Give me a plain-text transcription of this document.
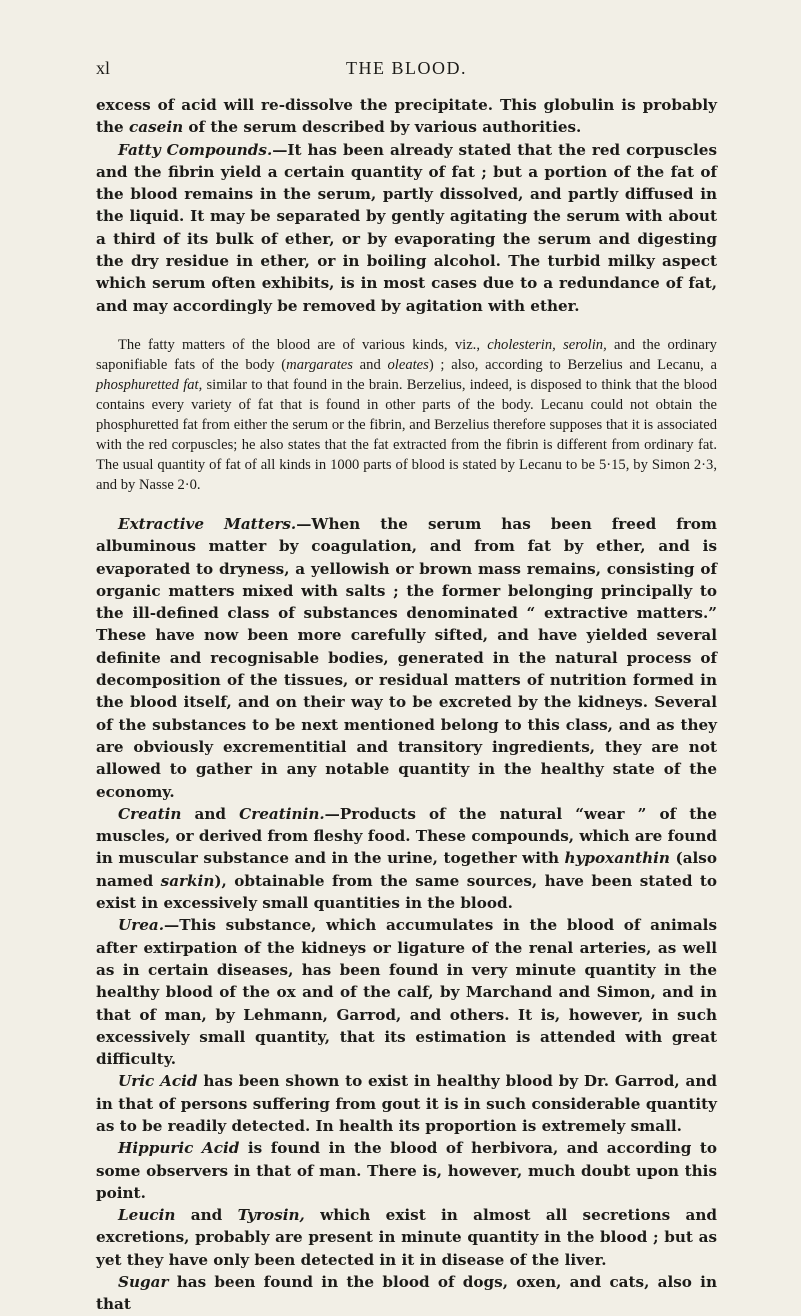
xl	THE BLOOD.

excess of acid will re-dissolve the precipitate. This globulin is probably the casein of the serum described by various authorities.

Fatty Compounds.—It has been already stated that the red corpuscles and the fibrin yield a certain quantity of fat ; but a portion of the fat of the blood remains in the serum, partly dissolved, and partly diffused in the liquid. It may be separated by gently agitating the serum with about a third of its bulk of ether, or by evaporating the serum and digesting the dry residue in ether, or in boiling alcohol. The turbid milky aspect which serum often exhibits, is in most cases due to a redundance of fat, and may accordingly be removed by agitation with ether.

The fatty matters of the blood are of various kinds, viz., cholesterin, serolin, and the ordinary saponifiable fats of the body (margarates and oleates) ; also, according to Berzelius and Lecanu, a phosphuretted fat, similar to that found in the brain. Berzelius, indeed, is disposed to think that the blood contains every variety of fat that is found in other parts of the body. Lecanu could not obtain the phosphuretted fat from either the serum or the fibrin, and Berzelius therefore supposes that it is associated with the red corpuscles; he also states that the fat extracted from the fibrin is different from ordinary fat. The usual quantity of fat of all kinds in 1000 parts of blood is stated by Lecanu to be 5·15, by Simon 2·3, and by Nasse 2·0.

Extractive Matters.—When the serum has been freed from albuminous matter by coagulation, and from fat by ether, and is evaporated to dryness, a yellowish or brown mass remains, consisting of organic matters mixed with salts ; the former belonging principally to the ill-defined class of substances denominated “ extractive matters.” These have now been more carefully sifted, and have yielded several definite and recognisable bodies, generated in the natural process of decomposition of the tissues, or residual matters of nutrition formed in the blood itself, and on their way to be excreted by the kidneys. Several of the substances to be next mentioned belong to this class, and as they are obviously excrementitial and transitory ingredients, they are not allowed to gather in any notable quantity in the healthy state of the economy.

Creatin and Creatinin.—Products of the natural “wear ” of the muscles, or derived from fleshy food. These compounds, which are found in muscular substance and in the urine, together with hypoxanthin (also named sarkin), obtainable from the same sources, have been stated to exist in excessively small quantities in the blood.

Urea.—This substance, which accumulates in the blood of animals after extirpation of the kidneys or ligature of the renal arteries, as well as in certain diseases, has been found in very minute quantity in the healthy blood of the ox and of the calf, by Marchand and Simon, and in that of man, by Lehmann, Garrod, and others. It is, however, in such excessively small quantity, that its estimation is attended with great difficulty.

Uric Acid has been shown to exist in healthy blood by Dr. Garrod, and in that of persons suffering from gout it is in such considerable quantity as to be readily detected. In health its proportion is extremely small.

Hippuric Acid is found in the blood of herbivora, and according to some observers in that of man. There is, however, much doubt upon this point.

Leucin and Tyrosin, which exist in almost all secretions and excretions, probably are present in minute quantity in the blood ; but as yet they have only been detected in it in disease of the liver.

Sugar has been found in the blood of dogs, oxen, and cats, also in that
